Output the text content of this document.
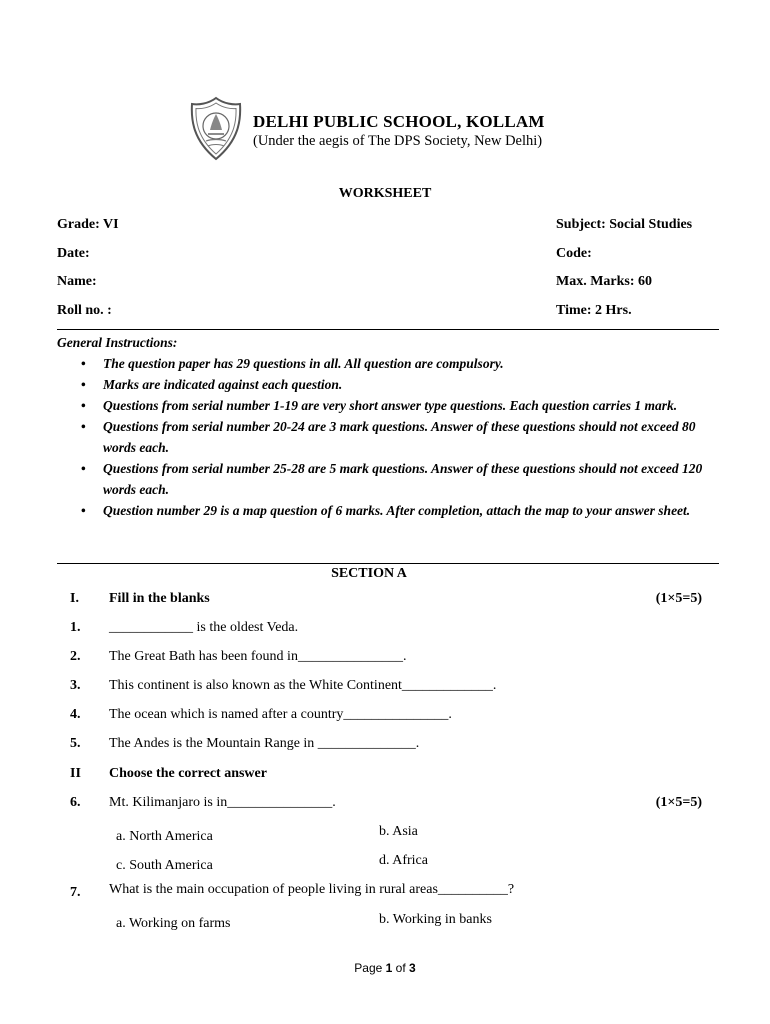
DELHI PUBLIC SCHOOL, KOLLAM
(Under the aegis of The DPS Society, New Delhi)
WORKSHEET
Grade: VI	Subject: Social Studies
Date:	Code:
Name:	Max. Marks: 60
Roll no. :	Time: 2 Hrs.
General Instructions:
• The question paper has 29 questions in all. All question are compulsory.
• Marks are indicated against each question.
• Questions from serial number 1-19 are very short answer type questions. Each question carries 1 mark.
• Questions from serial number 20-24 are 3 mark questions. Answer of these questions should not exceed 80 words each.
• Questions from serial number 25-28 are 5 mark questions. Answer of these questions should not exceed 120 words each.
• Question number 29 is a map question of 6 marks. After completion, attach the map to your answer sheet.
SECTION A
I. Fill in the blanks	(1×5=5)
1. ____________ is the oldest Veda.
2. The Great Bath has been found in_______________.
3. This continent is also known as the White Continent_____________.
4. The ocean which is named after a country_______________.
5. The Andes is the Mountain Range in ______________.
II Choose the correct answer
6. Mt. Kilimanjaro is in_______________.	(1×5=5)
a. North America	b. Asia
c. South America	d. Africa
7. What is the main occupation of people living in rural areas__________?
a. Working on farms	b. Working in banks
Page 1 of 3
